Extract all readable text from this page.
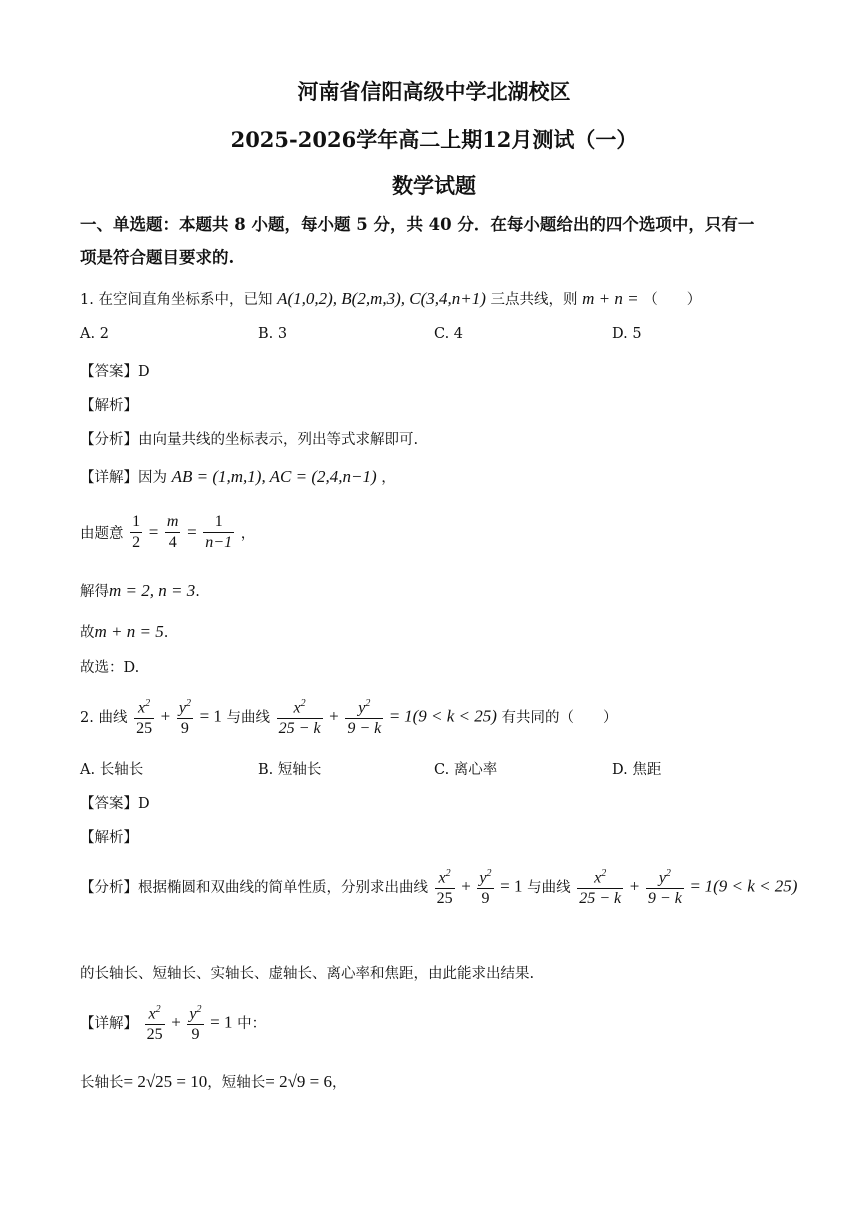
河南省信阳高级中学北湖校区
2025-2026学年高二上期12月测试（一）
数学试题
一、单选题：本题共 8 小题，每小题 5 分，共 40 分．在每小题给出的四个选项中，只有一
项是符合题目要求的.
1. 在空间直角坐标系中，已知 A(1,0,2), B(2,m,3), C(3,4,n+1) 三点共线，则 m + n = （　　）
A. 2	B. 3	C. 4	D. 5
【答案】D
【解析】
【分析】由向量共线的坐标表示，列出等式求解即可.
【详解】因为 AB = (1,m,1), AC = (2,4,n−1) ，
由题意 $\frac{1}{2} = \frac{m}{4} = \frac{1}{n-1}$ ，
解得m = 2, n = 3.
故m + n = 5.
故选：D.
2. 曲线 $\frac{x^2}{25} + \frac{y^2}{9} = 1$ 与曲线 $\frac{x^2}{25 - k} + \frac{y^2}{9 - k} = 1(9 < k < 25)$ 有共同的（　　）
A. 长轴长	B. 短轴长	C. 离心率	D. 焦距
【答案】D
【解析】
【分析】根据椭圆和双曲线的简单性质，分别求出曲线 $\frac{x^2}{25} + \frac{y^2}{9} = 1$ 与曲线 $\frac{x^2}{25 - k} + \frac{y^2}{9 - k} = 1(9 < k < 25)$
的长轴长、短轴长、实轴长、虚轴长、离心率和焦距，由此能求出结果.
【详解】 $\frac{x^2}{25} + \frac{y^2}{9} = 1$ 中：
长轴长= 2√25 = 10，短轴长= 2√9 = 6，
